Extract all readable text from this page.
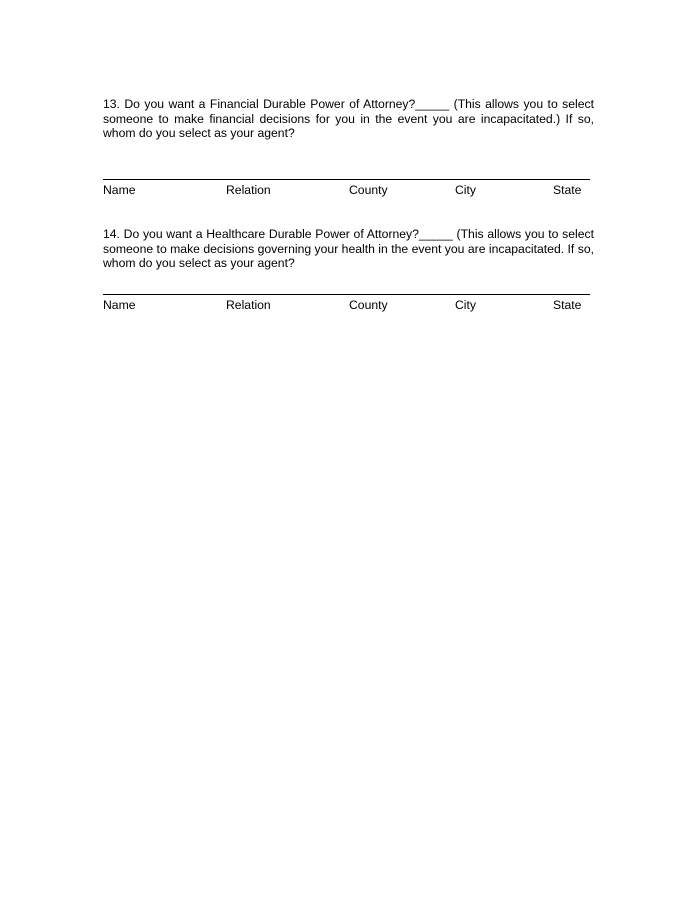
13. Do you want a Financial Durable Power of Attorney?_____ (This allows you to select someone to make financial decisions for you in the event you are incapacitated.) If so, whom do you select as your agent?

Name	Relation	County	City	State

14. Do you want a Healthcare Durable Power of Attorney?_____ (This allows you to select someone to make decisions governing your health in the event you are incapacitated. If so, whom do you select as your agent?

Name	Relation	County	City	State
